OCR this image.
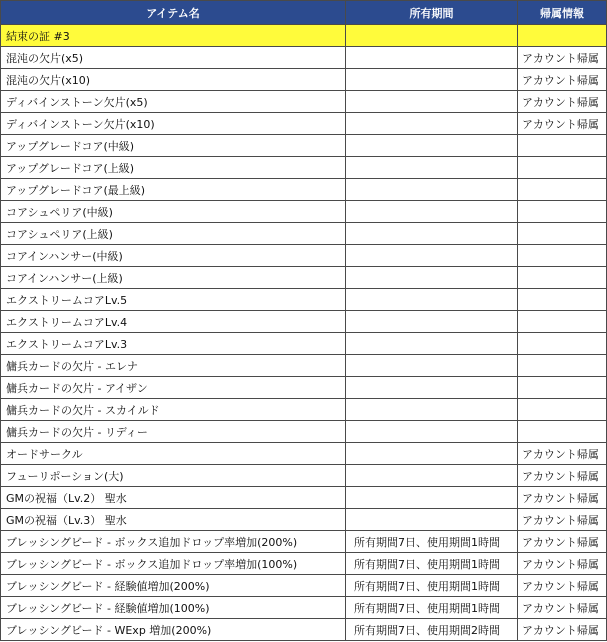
アイテム名	所有期間	帰属情報
結束の証 #3		
混沌の欠片(x5)		アカウント帰属
混沌の欠片(x10)		アカウント帰属
ディバインストーン欠片(x5)		アカウント帰属
ディバインストーン欠片(x10)		アカウント帰属
アップグレードコア(中級)		
アップグレードコア(上級)		
アップグレードコア(最上級)		
コアシュペリア(中級)		
コアシュペリア(上級)		
コアインハンサー(中級)		
コアインハンサー(上級)		
エクストリームコアLv.5		
エクストリームコアLv.4		
エクストリームコアLv.3		
傭兵カードの欠片 - エレナ		
傭兵カードの欠片 - アイザン		
傭兵カードの欠片 - スカイルド		
傭兵カードの欠片 - リディー		
オードサークル		アカウント帰属
フューリポーション(大)		アカウント帰属
GMの祝福（Lv.2） 聖水		アカウント帰属
GMの祝福（Lv.3） 聖水		アカウント帰属
ブレッシングビード - ボックス追加ドロップ率増加(200%)	所有期間7日、使用期間1時間	アカウント帰属
ブレッシングビード - ボックス追加ドロップ率増加(100%)	所有期間7日、使用期間1時間	アカウント帰属
ブレッシングビード - 経験値増加(200%)	所有期間7日、使用期間1時間	アカウント帰属
ブレッシングビード - 経験値増加(100%)	所有期間7日、使用期間1時間	アカウント帰属
ブレッシングビード - WExp 増加(200%)	所有期間7日、使用期間2時間	アカウント帰属
